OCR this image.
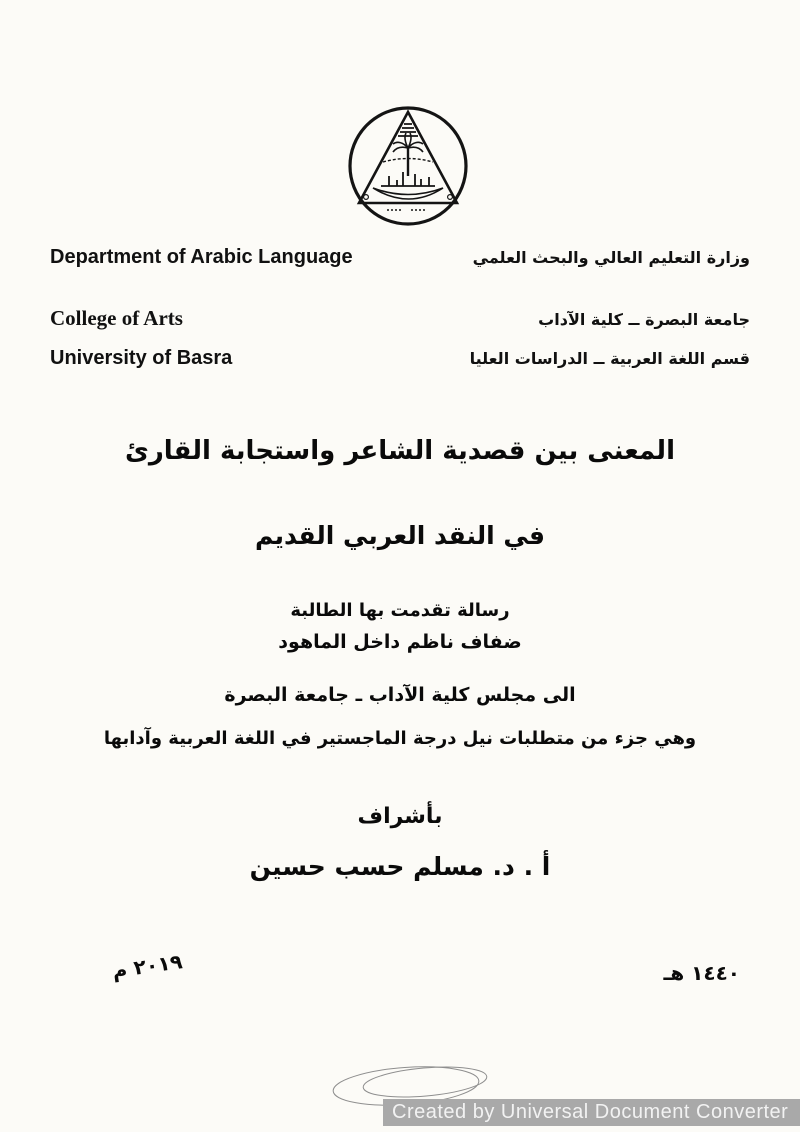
Department of Arabic Language	وزارة التعليم العالي والبحث العلمي
College of Arts	جامعة البصرة ــ كلية الآداب
University of Basra	قسم اللغة العربية ــ الدراسات العليا
المعنى بين قصدية الشاعر واستجابة القارئ
في النقد العربي القديم
رسالة تقدمت بها الطالبة
ضفاف ناظم داخل الماهود
الى مجلس كلية الآداب ـ جامعة البصرة
وهي جزء من متطلبات نيل درجة الماجستير في اللغة العربية وآدابها
بأشراف
أ . د. مسلم حسب حسين
١٤٤٠ هـ
٢٠١٩ م
Created by Universal Document Converter
